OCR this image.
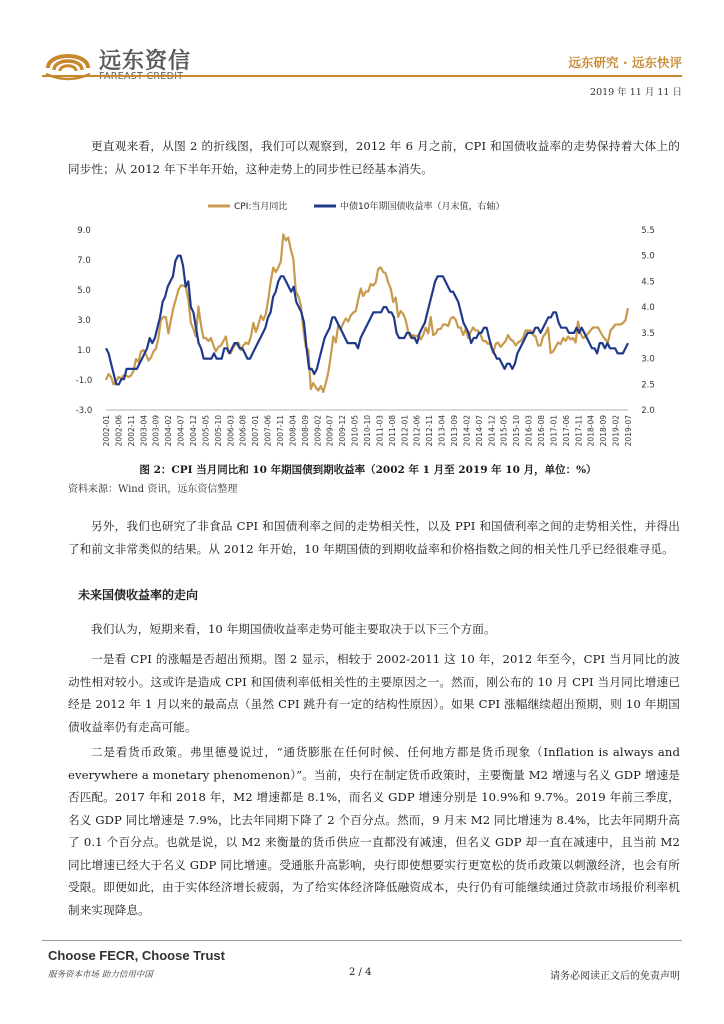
远东资信	远东研究 · 远东快评
2019 年 11 月 11 日

更直观来看，从图 2 的折线图，我们可以观察到，2012 年 6 月之前，CPI 和国债收益率的走势保持着大体上的同步性；从 2012 年下半年开始，这种走势上的同步性已经基本消失。

CPI:当月同比	中债10年期国债收益率（月末值，右轴）
9.0
7.0
5.0
3.0
1.0
-1.0
-3.0
5.5
5.0
4.5
4.0
3.5
3.0
2.5
2.0
2002-01 2002-06 2002-11 2003-04 2003-09 2004-02 2004-07 2004-12 2005-05 2005-10 2006-03 2006-08 2007-01 2007-06 2007-11 2008-04 2008-09 2009-02 2009-07 2009-12 2010-05 2010-10 2011-03 2011-08 2012-01 2012-06 2012-11 2013-04 2013-09 2014-02 2014-07 2014-12 2015-05 2015-10 2016-03 2016-08 2017-01 2017-06 2017-11 2018-04 2018-09 2019-02 2019-07
图 2：CPI 当月同比和 10 年期国债到期收益率（2002 年 1 月至 2019 年 10 月，单位：%）
资料来源：Wind 资讯，远东资信整理

另外，我们也研究了非食品 CPI 和国债利率之间的走势相关性，以及 PPI 和国债利率之间的走势相关性，并得出了和前文非常类似的结果。从 2012 年开始，10 年期国债的到期收益率和价格指数之间的相关性几乎已经很难寻觅。

未来国债收益率的走向

我们认为，短期来看，10 年期国债收益率走势可能主要取决于以下三个方面。

一是看 CPI 的涨幅是否超出预期。图 2 显示，相较于 2002-2011 这 10 年，2012 年至今，CPI 当月同比的波动性相对较小。这或许是造成 CPI 和国债利率低相关性的主要原因之一。然而，刚公布的 10 月 CPI 当月同比增速已经是 2012 年 1 月以来的最高点（虽然 CPI 跳升有一定的结构性原因）。如果 CPI 涨幅继续超出预期，则 10 年期国债收益率仍有走高可能。

二是看货币政策。弗里德曼说过，“通货膨胀在任何时候、任何地方都是货币现象（Inflation is always and everywhere a monetary phenomenon）”。当前，央行在制定货币政策时，主要衡量 M2 增速与名义 GDP 增速是否匹配。2017 年和 2018 年，M2 增速都是 8.1%，而名义 GDP 增速分别是 10.9%和 9.7%。2019 年前三季度，名义 GDP 同比增速是 7.9%，比去年同期下降了 2 个百分点。然而，9 月末 M2 同比增速为 8.4%，比去年同期升高了 0.1 个百分点。也就是说，以 M2 来衡量的货币供应一直都没有减速，但名义 GDP 却一直在减速中，且当前 M2 同比增速已经大于名义 GDP 同比增速。受通胀升高影响，央行即使想要实行更宽松的货币政策以刺激经济，也会有所受限。即便如此，由于实体经济增长疲弱，为了给实体经济降低融资成本，央行仍有可能继续通过贷款市场报价利率机制来实现降息。

Choose FECR, Choose Trust
服务资本市场 助力信用中国	2 / 4	请务必阅读正文后的免责声明
